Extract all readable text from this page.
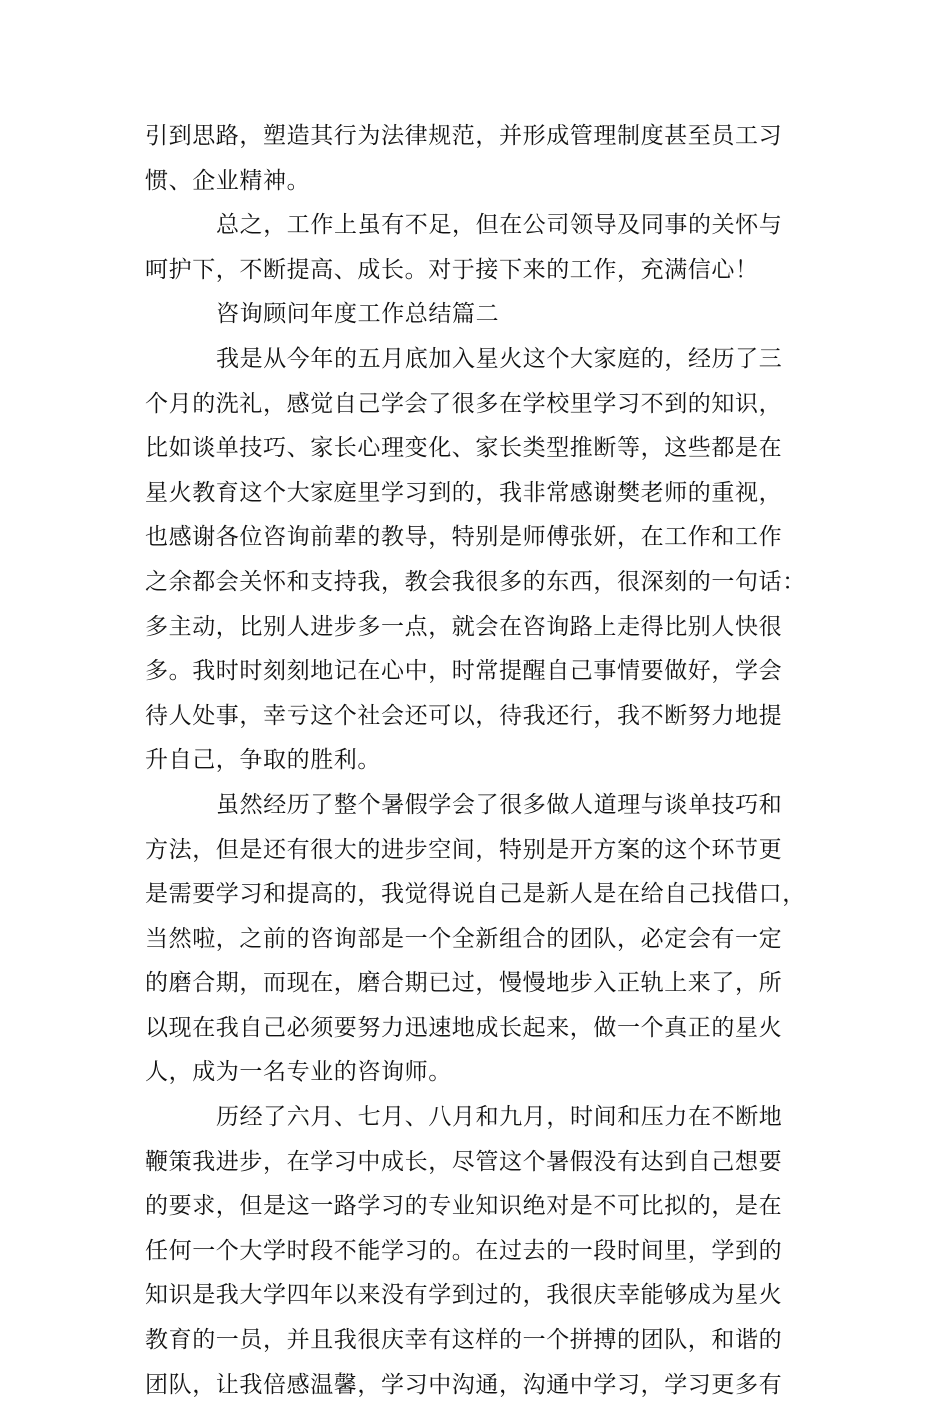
引到思路，塑造其行为法律规范，并形成管理制度甚至员工习
惯、企业精神。
总之，工作上虽有不足，但在公司领导及同事的关怀与
呵护下，不断提高、成长。对于接下来的工作，充满信心！
咨询顾问年度工作总结篇二
我是从今年的五月底加入星火这个大家庭的，经历了三
个月的洗礼，感觉自己学会了很多在学校里学习不到的知识，
比如谈单技巧、家长心理变化、家长类型推断等，这些都是在
星火教育这个大家庭里学习到的，我非常感谢樊老师的重视，
也感谢各位咨询前辈的教导，特别是师傅张妍，在工作和工作
之余都会关怀和支持我，教会我很多的东西，很深刻的一句话：
多主动，比别人进步多一点，就会在咨询路上走得比别人快很
多。我时时刻刻地记在心中，时常提醒自己事情要做好，学会
待人处事，幸亏这个社会还可以，待我还行，我不断努力地提
升自己，争取的胜利。
虽然经历了整个暑假学会了很多做人道理与谈单技巧和
方法，但是还有很大的进步空间，特别是开方案的这个环节更
是需要学习和提高的，我觉得说自己是新人是在给自己找借口，
当然啦，之前的咨询部是一个全新组合的团队，必定会有一定
的磨合期，而现在，磨合期已过，慢慢地步入正轨上来了，所
以现在我自己必须要努力迅速地成长起来，做一个真正的星火
人，成为一名专业的咨询师。
历经了六月、七月、八月和九月，时间和压力在不断地
鞭策我进步，在学习中成长，尽管这个暑假没有达到自己想要
的要求，但是这一路学习的专业知识绝对是不可比拟的，是在
任何一个大学时段不能学习的。在过去的一段时间里，学到的
知识是我大学四年以来没有学到过的，我很庆幸能够成为星火
教育的一员，并且我很庆幸有这样的一个拼搏的团队，和谐的
团队，让我倍感温馨，学习中沟通，沟通中学习，学习更多有
